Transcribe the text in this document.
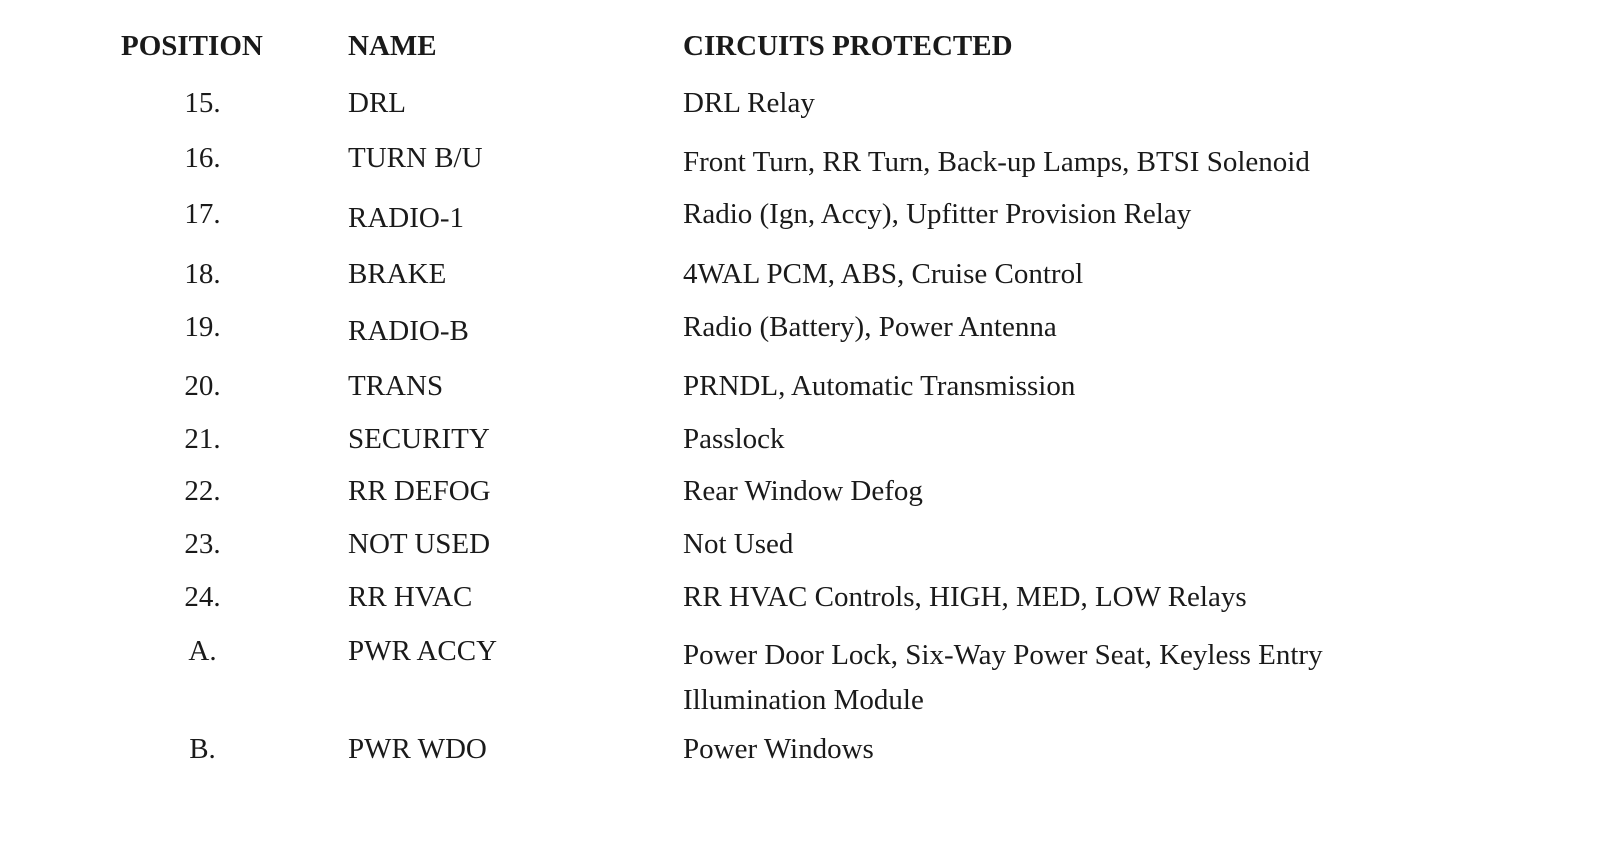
POSITION	NAME	CIRCUITS PROTECTED
15.	DRL	DRL Relay
16.	TURN B/U	Front Turn, RR Turn, Back-up Lamps, BTSI Solenoid
17.	RADIO-1	Radio (Ign, Accy), Upfitter Provision Relay
18.	BRAKE	4WAL PCM, ABS, Cruise Control
19.	RADIO-B	Radio (Battery), Power Antenna
20.	TRANS	PRNDL, Automatic Transmission
21.	SECURITY	Passlock
22.	RR DEFOG	Rear Window Defog
23.	NOT USED	Not Used
24.	RR HVAC	RR HVAC Controls, HIGH, MED, LOW Relays
A.	PWR ACCY	Power Door Lock, Six-Way Power Seat, Keyless Entry
Illumination Module
B.	PWR WDO	Power Windows
